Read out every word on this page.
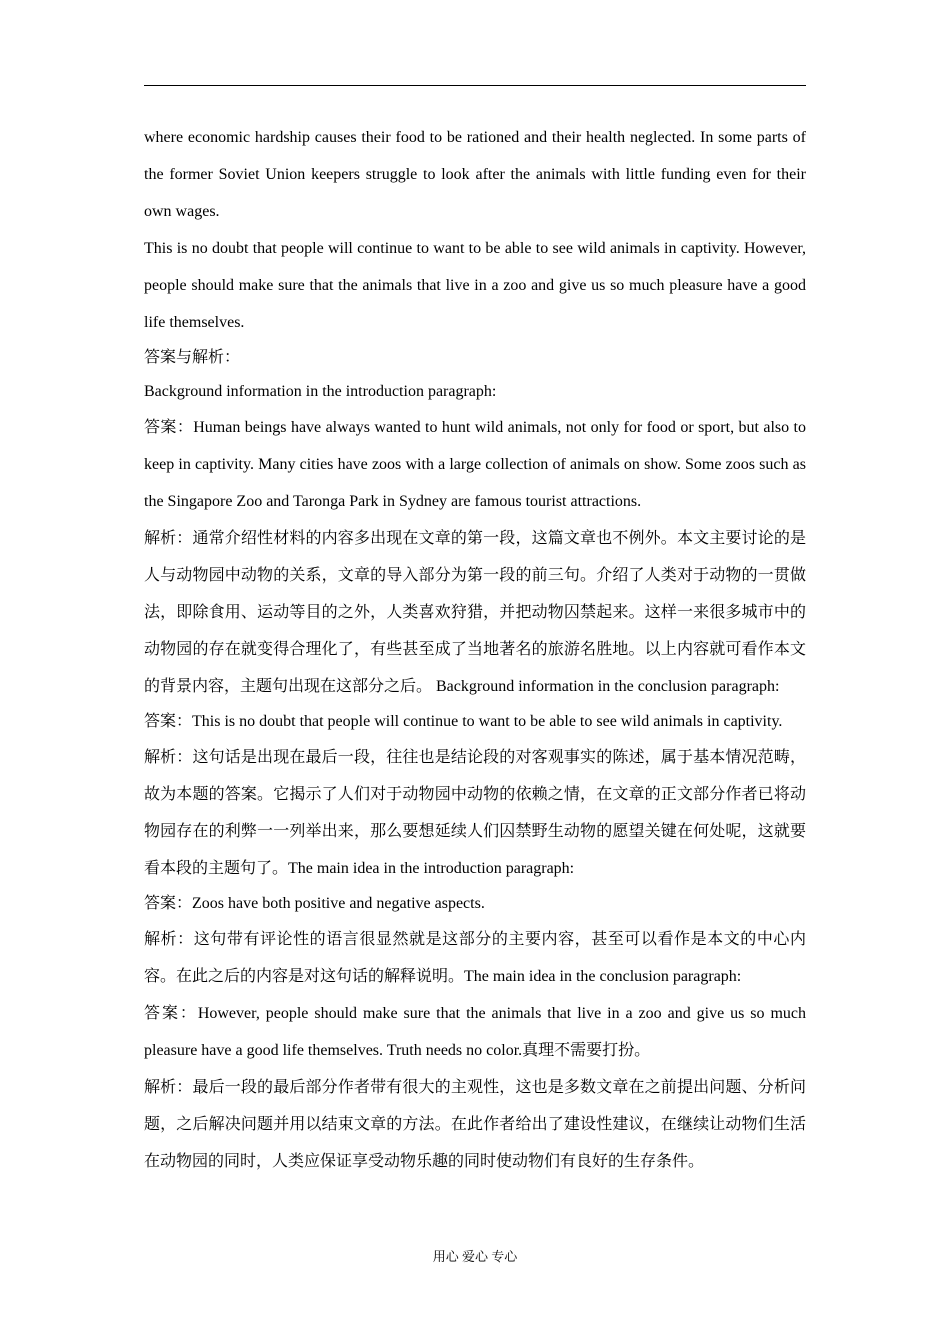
where economic hardship causes their food to be rationed and their health neglected. In some parts of the former Soviet Union keepers struggle to look after the animals with little funding even for their own wages.

This is no doubt that people will continue to want to be able to see wild animals in captivity. However, people should make sure that the animals that live in a zoo and give us so much pleasure have a good life themselves.

答案与解析：

Background information in the introduction paragraph:

答案：Human beings have always wanted to hunt wild animals, not only for food or sport, but also to keep in captivity. Many cities have zoos with a large collection of animals on show. Some zoos such as the Singapore Zoo and Taronga Park in Sydney are famous tourist attractions.

解析：通常介绍性材料的内容多出现在文章的第一段，这篇文章也不例外。本文主要讨论的是人与动物园中动物的关系，文章的导入部分为第一段的前三句。介绍了人类对于动物的一贯做法，即除食用、运动等目的之外，人类喜欢狩猎，并把动物囚禁起来。这样一来很多城市中的动物园的存在就变得合理化了，有些甚至成了当地著名的旅游名胜地。以上内容就可看作本文的背景内容，主题句出现在这部分之后。 Background information in the conclusion paragraph:

答案：This is no doubt that people will continue to want to be able to see wild animals in captivity.

解析：这句话是出现在最后一段，往往也是结论段的对客观事实的陈述，属于基本情况范畴，故为本题的答案。它揭示了人们对于动物园中动物的依赖之情，在文章的正文部分作者已将动物园存在的利弊一一列举出来，那么要想延续人们囚禁野生动物的愿望关键在何处呢，这就要看本段的主题句了。The main idea in the introduction paragraph:

答案：Zoos have both positive and negative aspects.

解析：这句带有评论性的语言很显然就是这部分的主要内容，甚至可以看作是本文的中心内容。在此之后的内容是对这句话的解释说明。The main idea in the conclusion paragraph:

答案：However, people should make sure that the animals that live in a zoo and give us so much pleasure have a good life themselves. Truth needs no color.真理不需要打扮。

解析：最后一段的最后部分作者带有很大的主观性，这也是多数文章在之前提出问题、分析问题，之后解决问题并用以结束文章的方法。在此作者给出了建设性建议，在继续让动物们生活在动物园的同时，人类应保证享受动物乐趣的同时使动物们有良好的生存条件。

用心 爱心 专心
